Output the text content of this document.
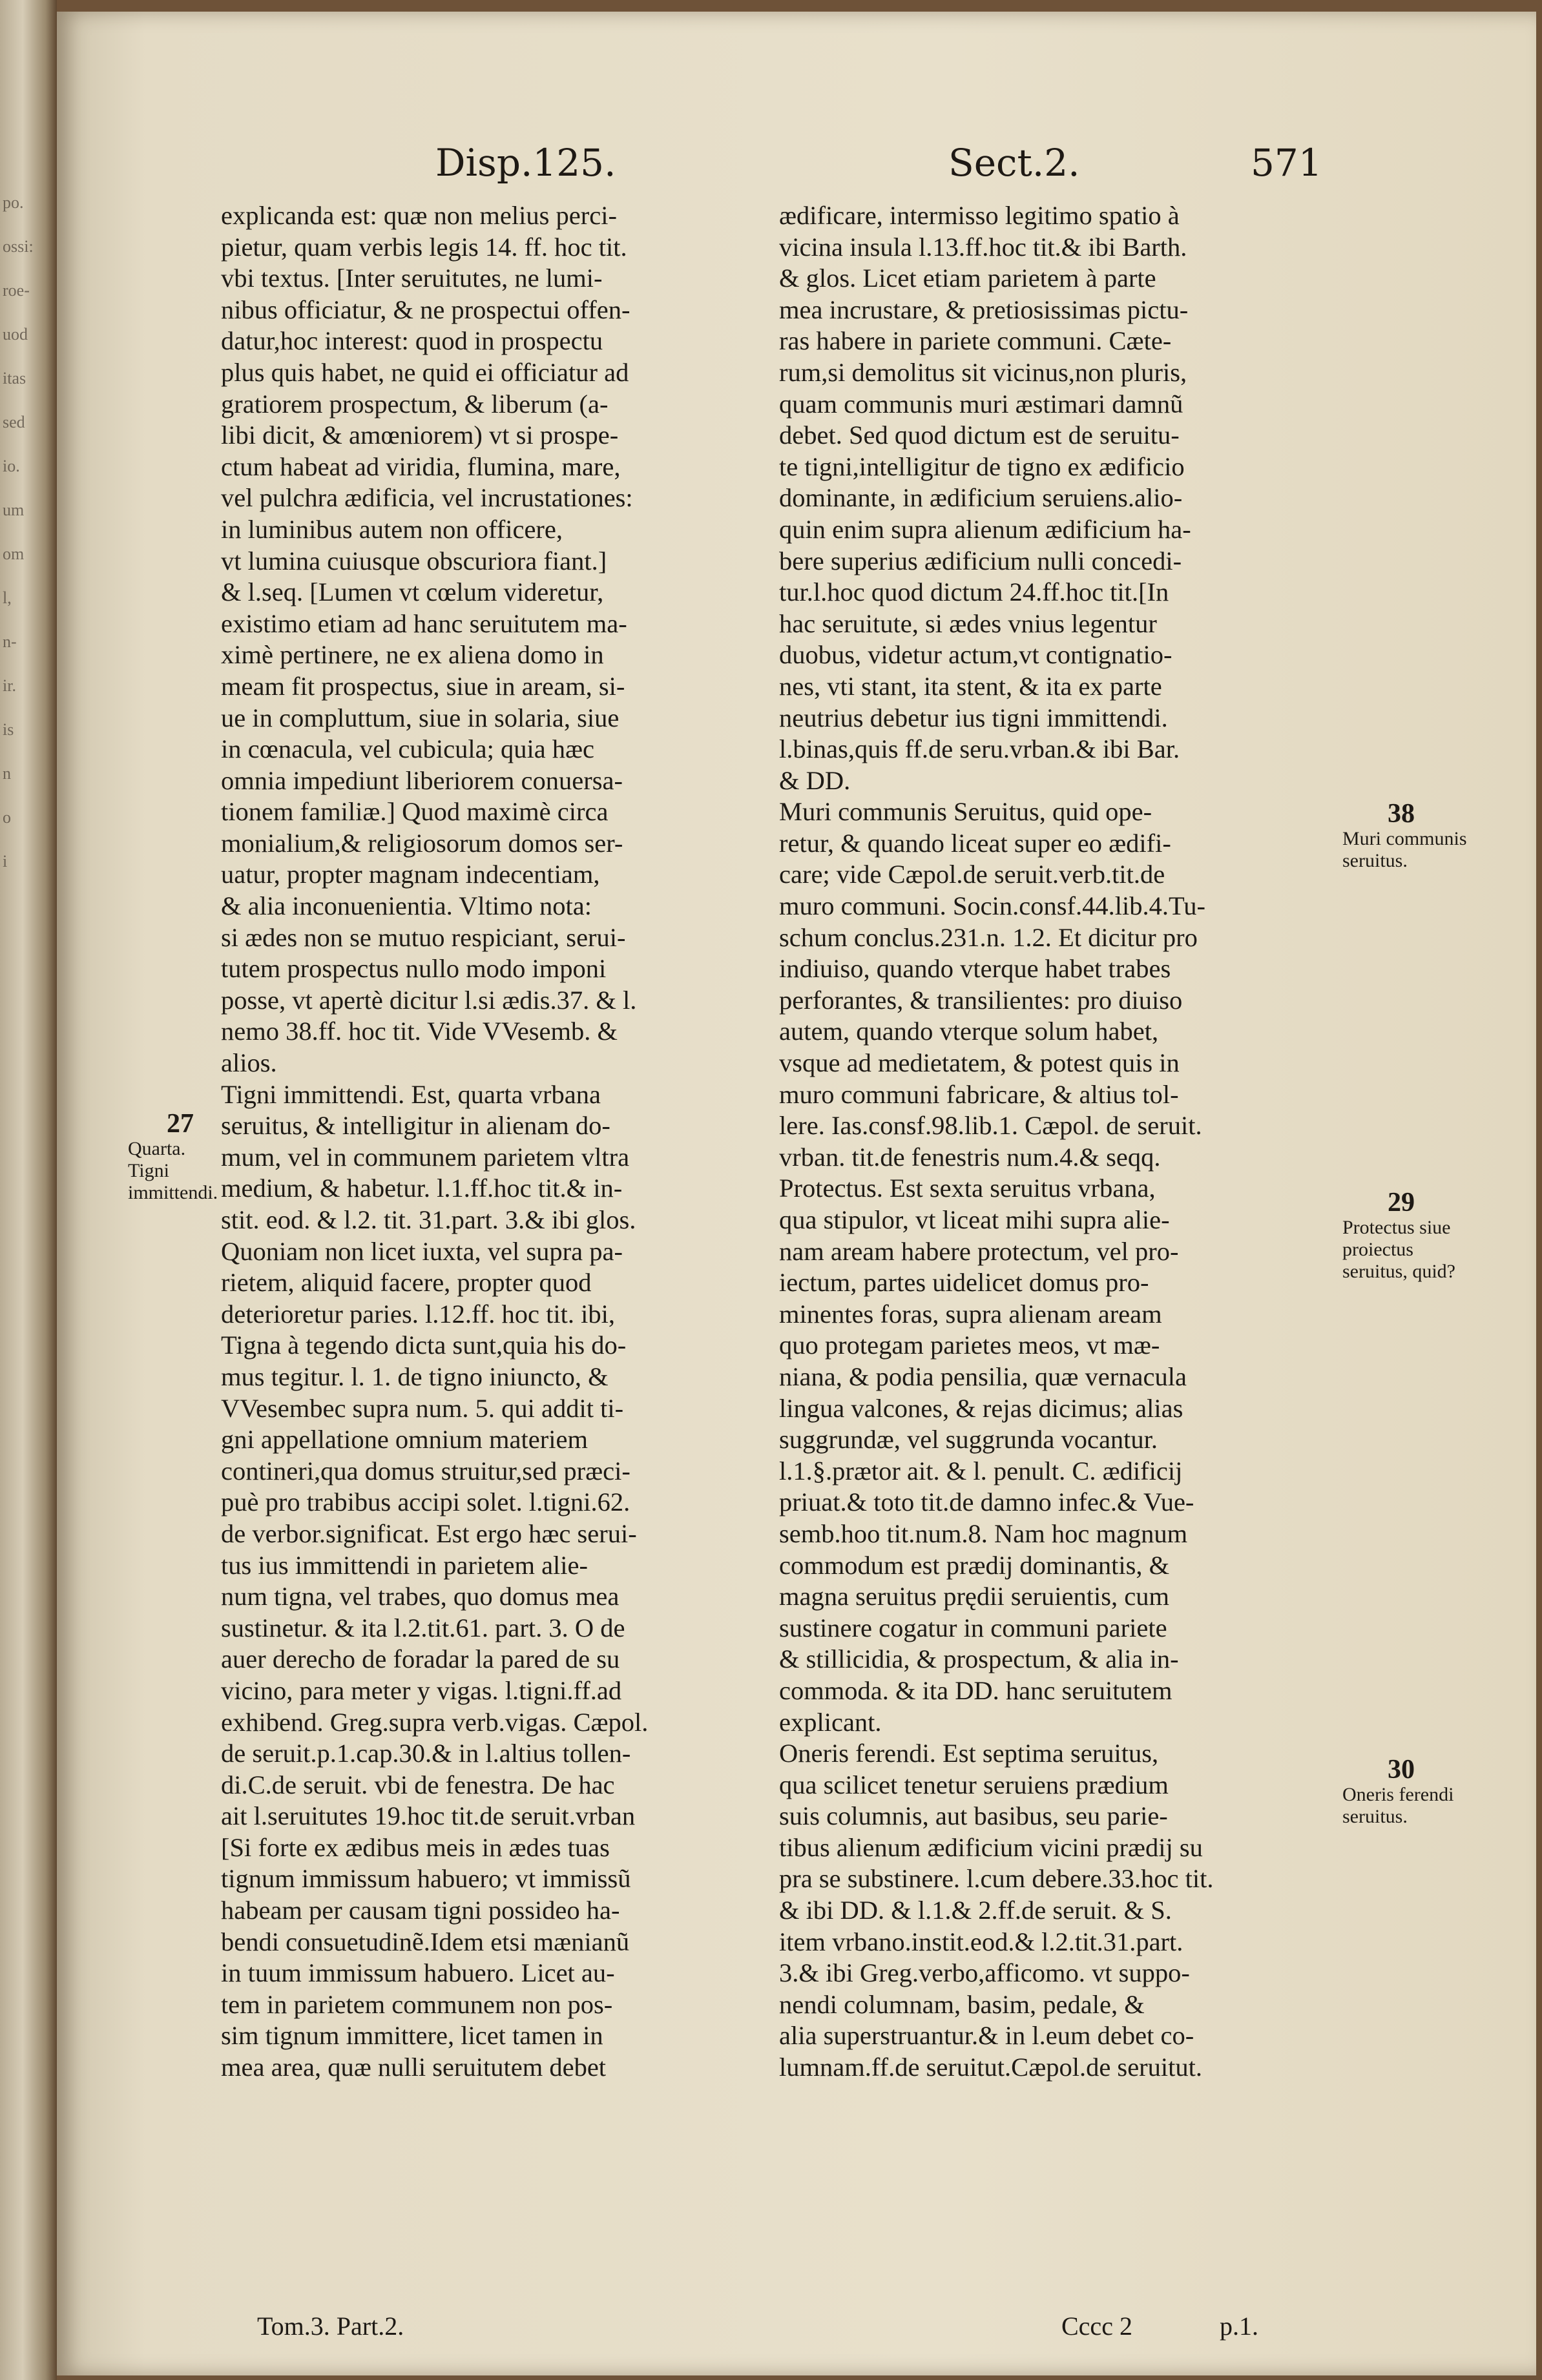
po.
ossi:
roe-
uod
itas
sed
io.
um
om
l,
n-
ir.
is
n
o
i
Disp.125.	Sect.2.	571
explicanda est: quæ non melius perci-
pietur, quam verbis legis 14. ff. hoc tit.
vbi textus. [Inter seruitutes, ne lumi-
nibus officiatur, & ne prospectui offen-
datur,hoc interest: quod in prospectu
plus quis habet, ne quid ei officiatur ad
gratiorem prospectum, & liberum (a-
libi dicit, & amœniorem) vt si prospe-
ctum habeat ad viridia, flumina, mare,
vel pulchra ædificia, vel incrustationes:
in luminibus autem non officere,
vt lumina cuiusque obscuriora fiant.]
& l.seq. [Lumen vt cœlum videretur,
existimo etiam ad hanc seruitutem ma-
ximè pertinere, ne ex aliena domo in
meam fit prospectus, siue in aream, si-
ue in compluttum, siue in solaria, siue
in cœnacula, vel cubicula; quia hæc
omnia impediunt liberiorem conuersa-
tionem familiæ.] Quod maximè circa
monialium,& religiosorum domos ser-
uatur, propter magnam indecentiam,
& alia inconuenientia. Vltimo nota:
si ædes non se mutuo respiciant, serui-
tutem prospectus nullo modo imponi
posse, vt apertè dicitur l.si ædis.37. & l.
nemo 38.ff. hoc tit. Vide VVesemb. &
alios.
Tigni immittendi. Est, quarta vrbana
seruitus, & intelligitur in alienam do-
mum, vel in communem parietem vltra
medium, & habetur. l.1.ff.hoc tit.& in-
stit. eod. & l.2. tit. 31.part. 3.& ibi glos.
Quoniam non licet iuxta, vel supra pa-
rietem, aliquid facere, propter quod
deterioretur paries. l.12.ff. hoc tit. ibi,
Tigna à tegendo dicta sunt,quia his do-
mus tegitur. l. 1. de tigno iniuncto, &
VVesembec supra num. 5. qui addit ti-
gni appellatione omnium materiem
contineri,qua domus struitur,sed præci-
puè pro trabibus accipi solet. l.tigni.62.
de verbor.significat. Est ergo hæc serui-
tus ius immittendi in parietem alie-
num tigna, vel trabes, quo domus mea
sustinetur. & ita l.2.tit.61. part. 3. O de
auer derecho de foradar la pared de su
vicino, para meter y vigas. l.tigni.ff.ad
exhibend. Greg.supra verb.vigas. Cæpol.
de seruit.p.1.cap.30.& in l.altius tollen-
di.C.de seruit. vbi de fenestra. De hac
ait l.seruitutes 19.hoc tit.de seruit.vrban
[Si forte ex ædibus meis in ædes tuas
tignum immissum habuero; vt immissũ
habeam per causam tigni possideo ha-
bendi consuetudinẽ.Idem etsi mænianũ
in tuum immissum habuero. Licet au-
tem in parietem communem non pos-
sim tignum immittere, licet tamen in
mea area, quæ nulli seruitutem debet
ædificare, intermisso legitimo spatio à
vicina insula l.13.ff.hoc tit.& ibi Barth.
& glos. Licet etiam parietem à parte
mea incrustare, & pretiosissimas pictu-
ras habere in pariete communi. Cæte-
rum,si demolitus sit vicinus,non pluris,
quam communis muri æstimari damnũ
debet. Sed quod dictum est de seruitu-
te tigni,intelligitur de tigno ex ædificio
dominante, in ædificium seruiens.alio-
quin enim supra alienum ædificium ha-
bere superius ædificium nulli concedi-
tur.l.hoc quod dictum 24.ff.hoc tit.[In
hac seruitute, si ædes vnius legentur
duobus, videtur actum,vt contignatio-
nes, vti stant, ita stent, & ita ex parte
neutrius debetur ius tigni immittendi.
l.binas,quis ff.de seru.vrban.& ibi Bar.
& DD.
Muri communis Seruitus, quid ope-
retur, & quando liceat super eo ædifi-
care; vide Cæpol.de seruit.verb.tit.de
muro communi. Socin.consf.44.lib.4.Tu-
schum conclus.231.n. 1.2. Et dicitur pro
indiuiso, quando vterque habet trabes
perforantes, & transilientes: pro diuiso
autem, quando vterque solum habet,
vsque ad medietatem, & potest quis in
muro communi fabricare, & altius tol-
lere. Ias.consf.98.lib.1. Cæpol. de seruit.
vrban. tit.de fenestris num.4.& seqq.
Protectus. Est sexta seruitus vrbana,
qua stipulor, vt liceat mihi supra alie-
nam aream habere protectum, vel pro-
iectum, partes uidelicet domus pro-
minentes foras, supra alienam aream
quo protegam parietes meos, vt mæ-
niana, & podia pensilia, quæ vernacula
lingua valcones, & rejas dicimus; alias
suggrundæ, vel suggrunda vocantur.
l.1.§.prætor ait. & l. penult. C. ædificij
priuat.& toto tit.de damno infec.& Vue-
semb.hoo tit.num.8. Nam hoc magnum
commodum est prædij dominantis, &
magna seruitus prędii seruientis, cum
sustinere cogatur in communi pariete
& stillicidia, & prospectum, & alia in-
commoda. & ita DD. hanc seruitutem
explicant.
Oneris ferendi. Est septima seruitus,
qua scilicet tenetur seruiens prædium
suis columnis, aut basibus, seu parie-
tibus alienum ædificium vicini prædij su
pra se substinere. l.cum debere.33.hoc tit.
& ibi DD. & l.1.& 2.ff.de seruit. & S.
item vrbano.instit.eod.& l.2.tit.31.part.
3.& ibi Greg.verbo,afficomo. vt suppo-
nendi columnam, basim, pedale, &
alia superstruantur.& in l.eum debet co-
lumnam.ff.de seruitut.Cæpol.de seruitut.
27
Quarta. Tigni immittendi.
38
Muri communis seruitus.
29
Protectus siue proiectus seruitus, quid?
30
Oneris ferendi seruitus.
Tom.3. Part.2.	Cccc 2	p.1.
